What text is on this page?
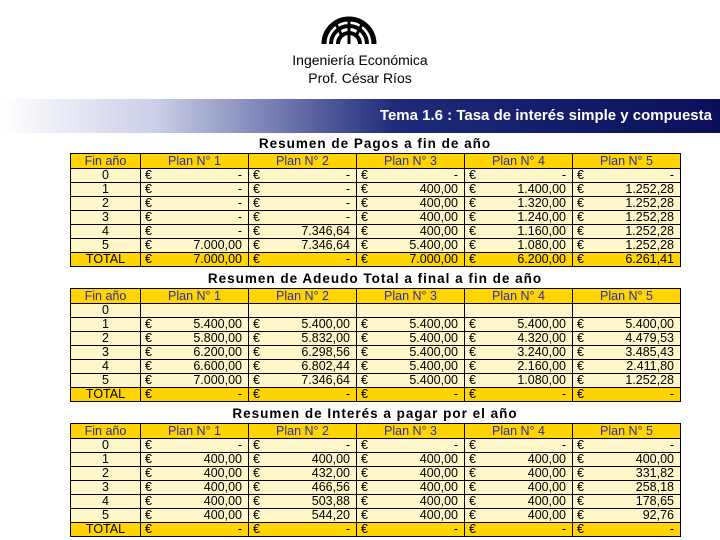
Ingeniería Económica
Prof. César Ríos
Tema 1.6 : Tasa de interés simple y compuesta
Resumen de Pagos a fin de año
Fin año	Plan N° 1	Plan N° 2	Plan N° 3	Plan N° 4	Plan N° 5
0	€ -	€ -	€ -	€ -	€ -

1	€ -	€ -	€ 400,00	€ 1.400,00	€ 1.252,28

2	€ -	€ -	€ 400,00	€ 1.320,00	€ 1.252,28

3	€ -	€ -	€ 400,00	€ 1.240,00	€ 1.252,28

4	€ -	€ 7.346,64	€ 400,00	€ 1.160,00	€ 1.252,28

5	€ 7.000,00	€ 7.346,64	€ 5.400,00	€ 1.080,00	€ 1.252,28

TOTAL	€ 7.000,00	€ -	€ 7.000,00	€ 6.200,00	€ 6.261,41
Resumen de Adeudo Total a final a fin de año
Fin año	Plan N° 1	Plan N° 2	Plan N° 3	Plan N° 4	Plan N° 5
0					
1	€ 5.400,00	€ 5.400,00	€ 5.400,00	€ 5.400,00	€ 5.400,00

2	€ 5.800,00	€ 5.832,00	€ 5.400,00	€ 4.320,00	€ 4.479,53

3	€ 6.200,00	€ 6.298,56	€ 5.400,00	€ 3.240,00	€ 3.485,43

4	€ 6.600,00	€ 6.802,44	€ 5.400,00	€ 2.160,00	€ 2.411,80

5	€ 7.000,00	€ 7.346,64	€ 5.400,00	€ 1.080,00	€ 1.252,28

TOTAL	€ -	€ -	€ -	€ -	€ -
Resumen de Interés a pagar por el año
Fin año	Plan N° 1	Plan N° 2	Plan N° 3	Plan N° 4	Plan N° 5
0	€ -	€ -	€ -	€ -	€ -

1	€ 400,00	€ 400,00	€ 400,00	€ 400,00	€ 400,00

2	€ 400,00	€ 432,00	€ 400,00	€ 400,00	€ 331,82

3	€ 400,00	€ 466,56	€ 400,00	€ 400,00	€ 258,18

4	€ 400,00	€ 503,88	€ 400,00	€ 400,00	€ 178,65

5	€ 400,00	€ 544,20	€ 400,00	€ 400,00	€ 92,76

TOTAL	€ -	€ -	€ -	€ -	€ -
